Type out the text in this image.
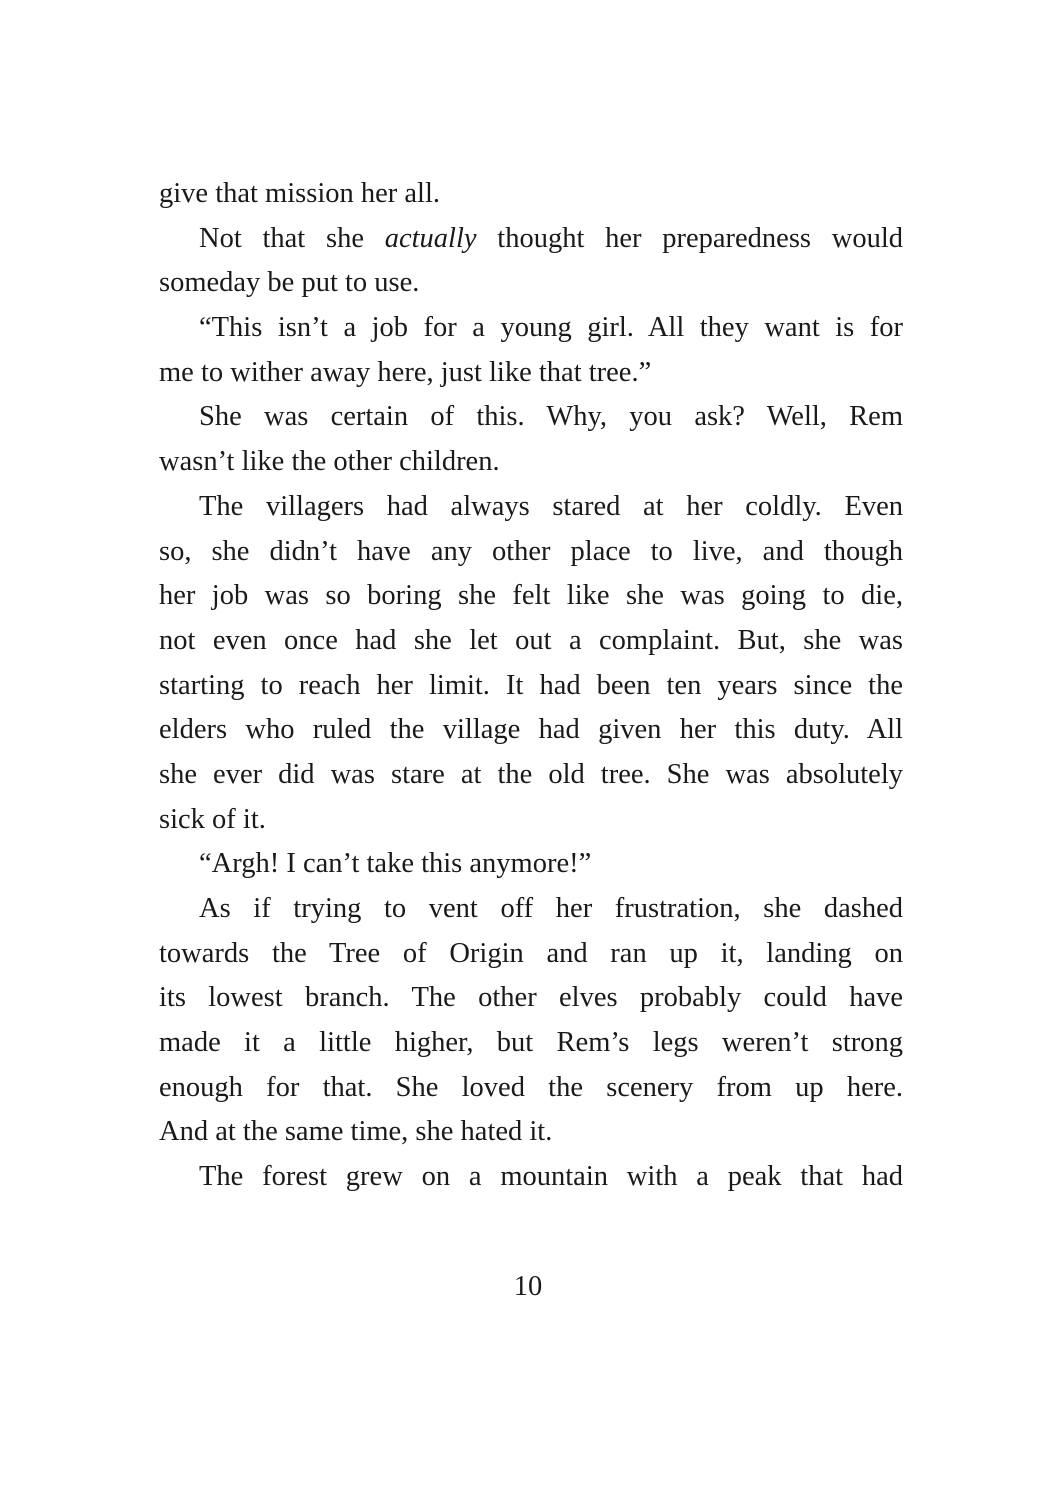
give that mission her all.
Not that she actually thought her preparedness would
someday be put to use.
“This isn’t a job for a young girl. All they want is for
me to wither away here, just like that tree.”
She was certain of this. Why, you ask? Well, Rem
wasn’t like the other children.
The villagers had always stared at her coldly. Even
so, she didn’t have any other place to live, and though
her job was so boring she felt like she was going to die,
not even once had she let out a complaint. But, she was
starting to reach her limit. It had been ten years since the
elders who ruled the village had given her this duty. All
she ever did was stare at the old tree. She was absolutely
sick of it.
“Argh! I can’t take this anymore!”
As if trying to vent off her frustration, she dashed
towards the Tree of Origin and ran up it, landing on
its lowest branch. The other elves probably could have
made it a little higher, but Rem’s legs weren’t strong
enough for that. She loved the scenery from up here.
And at the same time, she hated it.
The forest grew on a mountain with a peak that had
10
